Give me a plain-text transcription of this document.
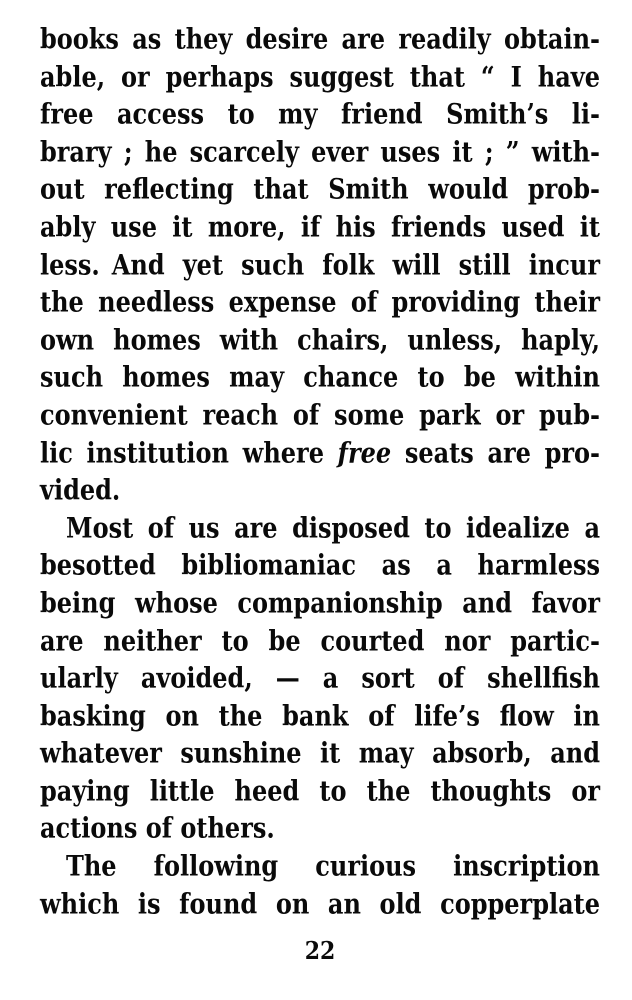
books as they desire are readily obtain-
able, or perhaps suggest that “ I have
free access to my friend Smith’s li-
brary ; he scarcely ever uses it ; ” with-
out reflecting that Smith would prob-
ably use it more, if his friends used it
less. And yet such folk will still incur
the needless expense of providing their
own homes with chairs, unless, haply,
such homes may chance to be within
convenient reach of some park or pub-
lic institution where free seats are pro-
vided.
Most of us are disposed to idealize a
besotted bibliomaniac as a harmless
being whose companionship and favor
are neither to be courted nor partic-
ularly avoided, — a sort of shellfish
basking on the bank of life’s flow in
whatever sunshine it may absorb, and
paying little heed to the thoughts or
actions of others.
The following curious inscription
which is found on an old copperplate
22
